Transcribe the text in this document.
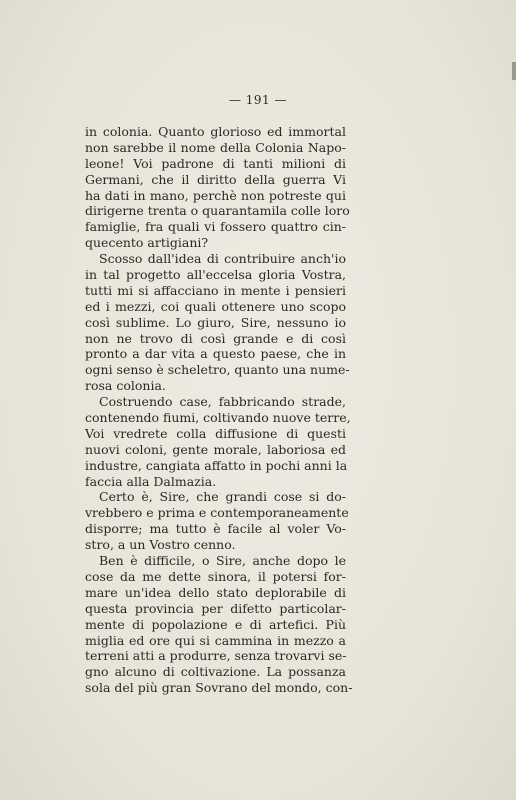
— 191 —
in colonia. Quanto glorioso ed immortal
non sarebbe il nome della Colonia Napo-
leone! Voi padrone di tanti milioni di
Germani, che il diritto della guerra Vi
ha dati in mano, perchè non potreste qui
dirigerne trenta o quarantamila colle loro
famiglie, fra quali vi fossero quattro cin-
quecento artigiani?
Scosso dall'idea di contribuire anch'io
in tal progetto all'eccelsa gloria Vostra,
tutti mi si affacciano in mente i pensieri
ed i mezzi, coi quali ottenere uno scopo
così sublime. Lo giuro, Sire, nessuno io
non ne trovo di così grande e di così
pronto a dar vita a questo paese, che in
ogni senso è scheletro, quanto una nume-
rosa colonia.
Costruendo case, fabbricando strade,
contenendo fiumi, coltivando nuove terre,
Voi vredrete colla diffusione di questi
nuovi coloni, gente morale, laboriosa ed
industre, cangiata affatto in pochi anni la
faccia alla Dalmazia.
Certo è, Sire, che grandi cose si do-
vrebbero e prima e contemporaneamente
disporre; ma tutto è facile al voler Vo-
stro, a un Vostro cenno.
Ben è difficile, o Sire, anche dopo le
cose da me dette sinora, il potersi for-
mare un'idea dello stato deplorabile di
questa provincia per difetto particolar-
mente di popolazione e di artefici. Più
miglia ed ore qui si cammina in mezzo a
terreni atti a produrre, senza trovarvi se-
gno alcuno di coltivazione. La possanza
sola del più gran Sovrano del mondo, con-
